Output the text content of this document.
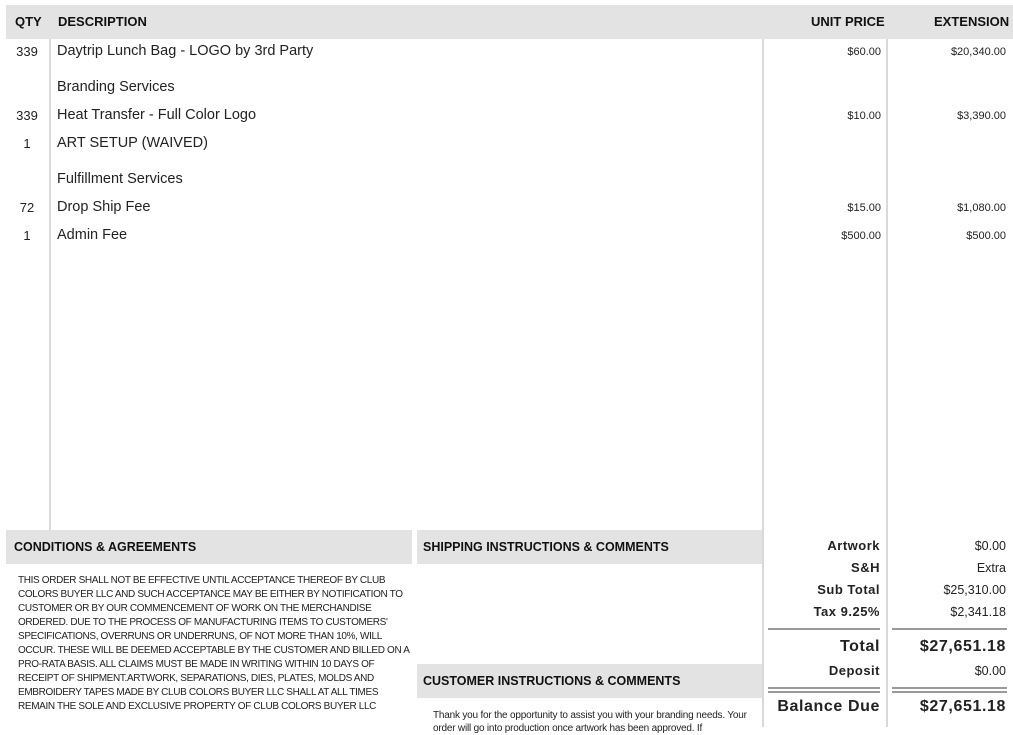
QTY DESCRIPTION	UNIT PRICE	EXTENSION
339	Daytrip Lunch Bag - LOGO by 3rd Party	$60.00	$20,340.00
Branding Services
339	Heat Transfer - Full Color Logo	$10.00	$3,390.00
1	ART SETUP (WAIVED)
Fulfillment Services
72	Drop Ship Fee	$15.00	$1,080.00
1	Admin Fee	$500.00	$500.00
CONDITIONS & AGREEMENTS	SHIPPING INSTRUCTIONS & COMMENTS
CUSTOMER INSTRUCTIONS & COMMENTS
THIS ORDER SHALL NOT BE EFFECTIVE UNTIL ACCEPTANCE THEREOF BY CLUB COLORS BUYER LLC AND SUCH ACCEPTANCE MAY BE EITHER BY NOTIFICATION TO CUSTOMER OR BY OUR COMMENCEMENT OF WORK ON THE MERCHANDISE ORDERED. DUE TO THE PROCESS OF MANUFACTURING ITEMS TO CUSTOMERS' SPECIFICATIONS, OVERRUNS OR UNDERRUNS, OF NOT MORE THAN 10%, WILL OCCUR. THESE WILL BE DEEMED ACCEPTABLE BY THE CUSTOMER AND BILLED ON A PRO-RATA BASIS. ALL CLAIMS MUST BE MADE IN WRITING WITHIN 10 DAYS OF RECEIPT OF SHIPMENT.ARTWORK, SEPARATIONS, DIES, PLATES, MOLDS AND EMBROIDERY TAPES MADE BY CLUB COLORS BUYER LLC SHALL AT ALL TIMES REMAIN THE SOLE AND EXCLUSIVE PROPERTY OF CLUB COLORS BUYER LLC
Thank you for the opportunity to assist you with your branding needs. Your order will go into production once artwork has been approved. If
Artwork	$0.00
S&H	Extra
Sub Total	$25,310.00
Tax 9.25%	$2,341.18
Total	$27,651.18
Deposit	$0.00
Balance Due	$27,651.18
